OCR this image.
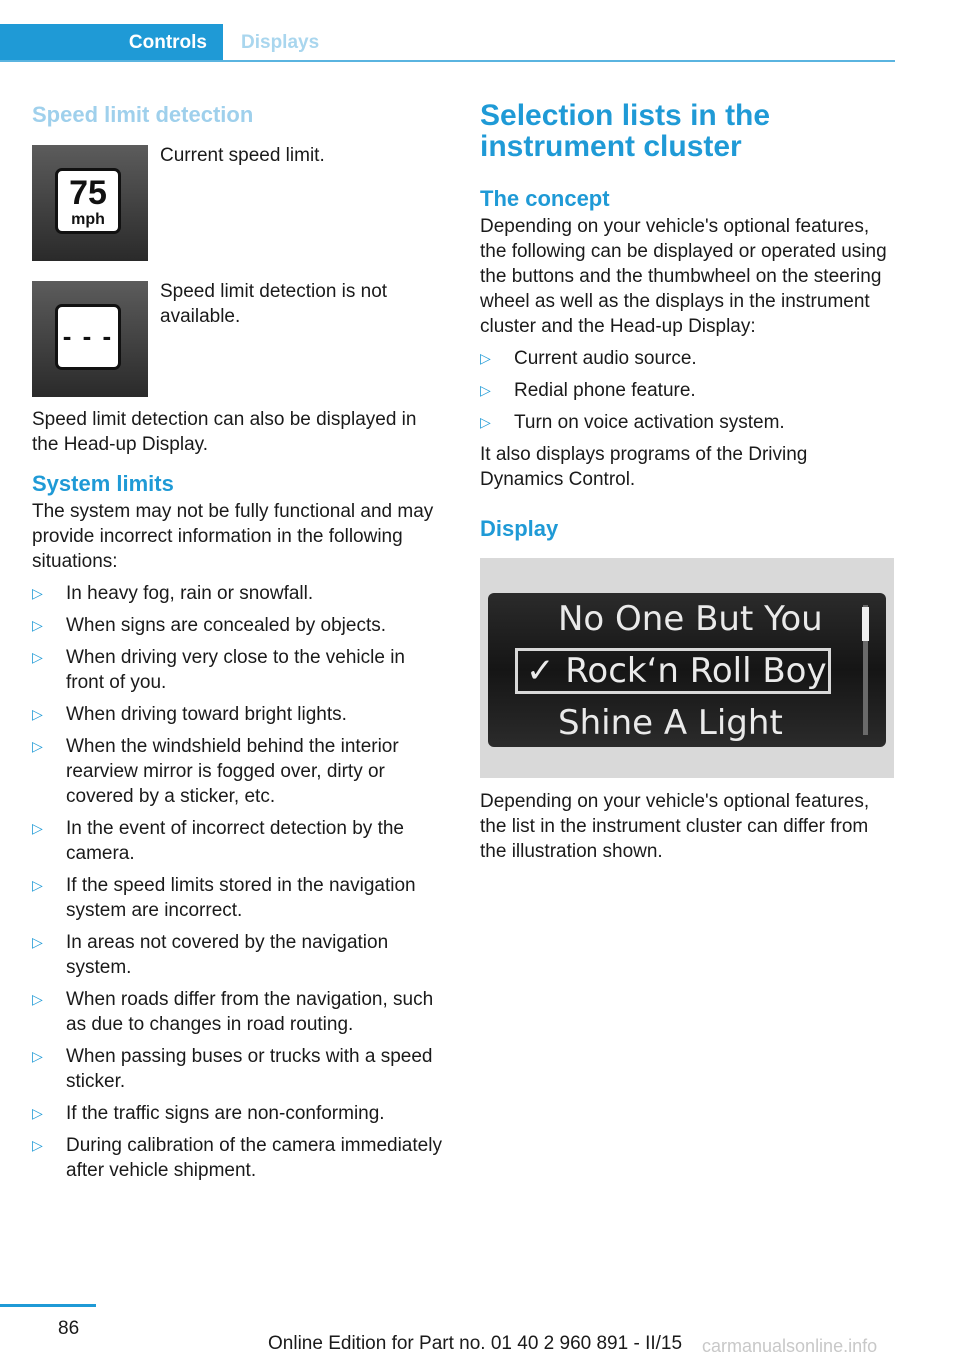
Controls	Displays
Speed limit detection
75
mph

Current speed limit.

- - -

Speed limit detection is not available.

Speed limit detection can also be displayed in the Head-up Display.

System limits

The system may not be fully functional and may provide incorrect information in the following situations:

▷ In heavy fog, rain or snowfall.
▷ When signs are concealed by objects.
▷ When driving very close to the vehicle in front of you.
▷ When driving toward bright lights.
▷ When the windshield behind the interior rearview mirror is fogged over, dirty or covered by a sticker, etc.
▷ In the event of incorrect detection by the camera.
▷ If the speed limits stored in the navigation system are incorrect.
▷ In areas not covered by the navigation system.
▷ When roads differ from the navigation, such as due to changes in road routing.
▷ When passing buses or trucks with a speed sticker.
▷ If the traffic signs are non-conforming.
▷ During calibration of the camera immediately after vehicle shipment.
Selection lists in the instrument cluster
The concept

Depending on your vehicle's optional features, the following can be displayed or operated using the buttons and the thumbwheel on the steering wheel as well as the displays in the instrument cluster and the Head-up Display:

▷ Current audio source.
▷ Redial phone feature.
▷ Turn on voice activation system.

It also displays programs of the Driving Dynamics Control.

Display
No One But You
✓ Rock‘n Roll Boy
Shine A Light

Depending on your vehicle's optional features, the list in the instrument cluster can differ from the illustration shown.

86
Online Edition for Part no. 01 40 2 960 891 - II/15 carmanualsonline.info
